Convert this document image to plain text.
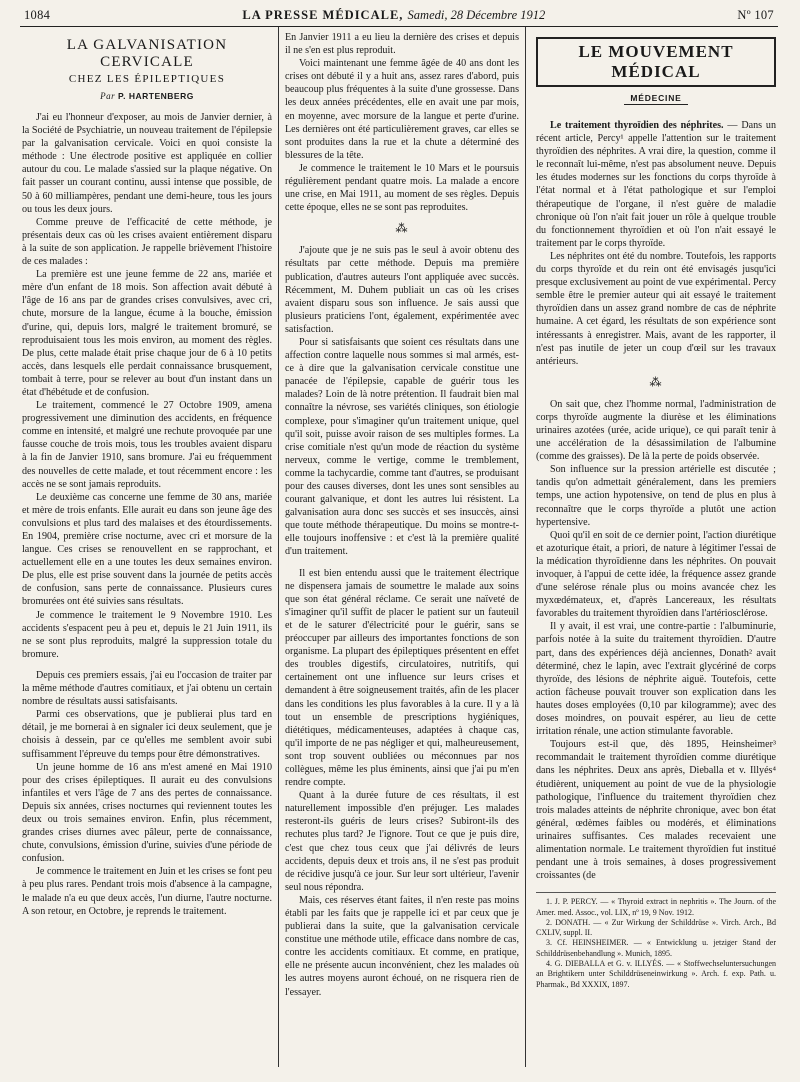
1084	LA PRESSE MÉDICALE, Samedi, 28 Décembre 1912	Nº 107
LA GALVANISATION CERVICALE
CHEZ LES ÉPILEPTIQUES
Par P. HARTENBERG

J'ai eu l'honneur d'exposer, au mois de Janvier dernier, à la Société de Psychiatrie, un nouveau traitement de l'épilepsie par la galvanisation cervicale. Voici en quoi consiste la méthode : Une électrode positive est appliquée en collier autour du cou. Le malade s'assied sur la plaque négative. On fait passer un courant continu, aussi intense que possible, de 50 à 60 milliampères, pendant une demi-heure, tous les jours ou tous les deux jours.

Comme preuve de l'efficacité de cette méthode, je présentais deux cas où les crises avaient entièrement disparu à la suite de son application. Je rappelle brièvement l'histoire de ces malades :

La première est une jeune femme de 22 ans, mariée et mère d'un enfant de 18 mois. Son affection avait débuté à l'âge de 16 ans par de grandes crises convulsives, avec cri, chute, morsure de la langue, écume à la bouche, émission d'urine, qui, depuis lors, malgré le traitement bromuré, se reproduisaient tous les mois environ, au moment des règles. De plus, cette malade était prise chaque jour de 6 à 10 petits accès, dans lesquels elle perdait connaissance brusquement, tombait à terre, pour se relever au bout d'un instant dans un état d'hébétude et de confusion.

Le traitement, commencé le 27 Octobre 1909, amena progressivement une diminution des accidents, en fréquence comme en intensité, et malgré une rechute provoquée par une fausse couche de trois mois, tous les troubles avaient disparu à la fin de Janvier 1910, sans bromure. J'ai eu fréquemment des nouvelles de cette malade, et tout récemment encore : les accès ne se sont jamais reproduits.

Le deuxième cas concerne une femme de 30 ans, mariée et mère de trois enfants. Elle aurait eu dans son jeune âge des convulsions et plus tard des malaises et des étourdissements. En 1904, première crise nocturne, avec cri et morsure de la langue. Ces crises se renouvellent en se rapprochant, et actuellement elle en a une toutes les deux semaines environ. De plus, elle est prise souvent dans la journée de petits accès de confusion, sans perte de connaissance. Plusieurs cures bromurées ont été suivies sans résultats.

Je commence le traitement le 9 Novembre 1910. Les accidents s'espacent peu à peu et, depuis le 21 Juin 1911, ils ne se sont plus reproduits, malgré la suppression totale du bromure.

Depuis ces premiers essais, j'ai eu l'occasion de traiter par la même méthode d'autres comitiaux, et j'ai obtenu un certain nombre de résultats aussi satisfaisants.

Parmi ces observations, que je publierai plus tard en détail, je me bornerai à en signaler ici deux seulement, que je choisis à dessein, par ce qu'elles me semblent avoir subi suffisamment l'épreuve du temps pour être démonstratives.

Un jeune homme de 16 ans m'est amené en Mai 1910 pour des crises épileptiques. Il aurait eu des convulsions infantiles et vers l'âge de 7 ans des pertes de connaissance. Depuis six années, crises nocturnes qui reviennent toutes les deux ou trois semaines environ. Enfin, plus récemment, grandes crises diurnes avec pâleur, perte de connaissance, chute, convulsions, émission d'urine, suivies d'une période de confusion.

Je commence le traitement en Juin et les crises se font peu à peu plus rares. Pendant trois mois d'absence à la campagne, le malade n'a eu que deux accès, l'un diurne, l'autre nocturne. A son retour, en Octobre, je reprends le traitement.

En Janvier 1911 a eu lieu la dernière des crises et depuis il ne s'en est plus reproduit.

Voici maintenant une femme âgée de 40 ans dont les crises ont débuté il y a huit ans, assez rares d'abord, puis beaucoup plus fréquentes à la suite d'une grossesse. Dans les deux années précédentes, elle en avait une par mois, en moyenne, avec morsure de la langue et perte d'urine. Les dernières ont été particulièrement graves, car elles se sont produites dans la rue et la chute a déterminé des blessures de la tête.

Je commence le traitement le 10 Mars et le poursuis régulièrement pendant quatre mois. La malade a encore une crise, en Mai 1911, au moment de ses règles. Depuis cette époque, elles ne se sont pas reproduites.

⁂

J'ajoute que je ne suis pas le seul à avoir obtenu des résultats par cette méthode. Depuis ma première publication, d'autres auteurs l'ont appliquée avec succès. Récemment, M. Duhem publiait un cas où les crises avaient disparu sous son influence. Je sais aussi que plusieurs praticiens l'ont, également, expérimentée avec satisfaction.

Pour si satisfaisants que soient ces résultats dans une affection contre laquelle nous sommes si mal armés, est-ce à dire que la galvanisation cervicale constitue une panacée de l'épilepsie, capable de guérir tous les malades? Loin de là notre prétention. Il faudrait bien mal connaître la névrose, ses variétés cliniques, son étiologie complexe, pour s'imaginer qu'un traitement unique, quel qu'il soit, puisse avoir raison de ses multiples formes. La crise comitiale n'est qu'un mode de réaction du système nerveux, comme le vertige, comme le tremblement, comme la tachycardie, comme tant d'autres, se produisant pour des causes diverses, dont les unes sont sensibles au courant galvanique, et dont les autres lui résistent. La galvanisation aura donc ses succès et ses insuccès, ainsi que toute méthode thérapeutique. Du moins se montre-t-elle toujours inoffensive : et c'est là la première qualité d'un traitement.

Il est bien entendu aussi que le traitement électrique ne dispensera jamais de soumettre le malade aux soins que son état général réclame. Ce serait une naïveté de s'imaginer qu'il suffit de placer le patient sur un fauteuil et de le saturer d'électricité pour le guérir, sans se préoccuper par ailleurs des importantes fonctions de son organisme. La plupart des épileptiques présentent en effet des troubles digestifs, circulatoires, nutritifs, qui certainement ont une influence sur leurs crises et demandent à être soigneusement traités, afin de les placer dans les conditions les plus favorables à la cure. Il y a là tout un ensemble de prescriptions hygiéniques, diététiques, médicamenteuses, adaptées à chaque cas, qu'il importe de ne pas négliger et qui, malheureusement, sont trop souvent oubliées ou méconnues par nos collègues, même les plus éminents, ainsi que j'ai pu m'en rendre compte.

Quant à la durée future de ces résultats, il est naturellement impossible d'en préjuger. Les malades resteront-ils guéris de leurs crises? Subiront-ils des rechutes plus tard? Je l'ignore. Tout ce que je puis dire, c'est que chez tous ceux que j'ai délivrés de leurs accidents, depuis deux et trois ans, il ne s'est pas produit de récidive jusqu'à ce jour. Sur leur sort ultérieur, l'avenir seul nous répondra.

Mais, ces réserves étant faites, il n'en reste pas moins établi par les faits que je rappelle ici et par ceux que je publierai dans la suite, que la galvanisation cervicale constitue une méthode utile, efficace dans nombre de cas, contre les accidents comitiaux. Et comme, en pratique, elle ne présente aucun inconvénient, chez les malades où les autres moyens auront échoué, on ne risquera rien de l'essayer.

LE MOUVEMENT MÉDICAL
MÉDECINE

Le traitement thyroïdien des néphrites. — Dans un récent article, Percy¹ appelle l'attention sur le traitement thyroïdien des néphrites. A vrai dire, la question, comme il le reconnaît lui-même, n'est pas absolument neuve. Depuis les études modernes sur les fonctions du corps thyroïde à l'état normal et à l'état pathologique et sur l'emploi thérapeutique de l'organe, il n'est guère de maladie chronique où l'on n'ait fait jouer un rôle à quelque trouble du fonctionnement thyroïdien et où l'on n'ait essayé le traitement par le corps thyroïde.

Les néphrites ont été du nombre. Toutefois, les rapports du corps thyroïde et du rein ont été envisagés jusqu'ici presque exclusivement au point de vue expérimental. Percy semble être le premier auteur qui ait essayé le traitement thyroïdien dans un assez grand nombre de cas de néphrite humaine. A cet égard, les résultats de son expérience sont intéressants à enregistrer. Mais, avant de les rapporter, il n'est pas inutile de jeter un coup d'œil sur les travaux antérieurs.

⁂

On sait que, chez l'homme normal, l'administration de corps thyroïde augmente la diurèse et les éliminations urinaires azotées (urée, acide urique), ce qui paraît tenir à une accélération de la désassimilation de l'albumine (comme des graisses). De là la perte de poids observée.

Son influence sur la pression artérielle est discutée ; tandis qu'on admettait généralement, dans les premiers temps, une action hypotensive, on tend de plus en plus à reconnaître que le corps thyroïde a plutôt une action hypertensive.

Quoi qu'il en soit de ce dernier point, l'action diurétique et azoturique était, a priori, de nature à légitimer l'essai de la médication thyroïdienne dans les néphrites. On pouvait invoquer, à l'appui de cette idée, la fréquence assez grande d'une selérose rénale plus ou moins avancée chez les myxœdémateux, et, d'après Lancereaux, les résultats favorables du traitement thyroïdien dans l'artériosclérose.

Il y avait, il est vrai, une contre-partie : l'albuminurie, parfois notée à la suite du traitement thyroïdien. D'autre part, dans des expériences déjà anciennes, Donath² avait déterminé, chez le lapin, avec l'extrait glycériné de corps thyroïde, des lésions de néphrite aiguë. Toutefois, cette action fâcheuse pouvait trouver son explication dans les hautes doses employées (0,10 par kilogramme); avec des doses moindres, on pouvait espérer, au lieu de cette irritation rénale, une action stimulante favorable.

Toujours est-il que, dès 1895, Heinsheimer³ recommandait le traitement thyroïdien comme diurétique dans les néphrites. Deux ans après, Dieballa et v. Illyés⁴ étudièrent, uniquement au point de vue de la physiologie pathologique, l'influence du traitement thyroïdien chez trois malades atteints de néphrite chronique, avec bon état général, œdèmes faibles ou modérés, et éliminations urinaires suffisantes. Ces malades recevaient une alimentation normale. Le traitement thyroïdien fut institué pendant une à trois semaines, à doses progressivement croissantes (de

1. J. P. PERCY. — « Thyroid extract in nephritis ». The Journ. of the Amer. med. Assoc., vol. LIX, nº 19, 9 Nov. 1912.

2. DONATH. — « Zur Wirkung der Schilddrüse ». Virch. Arch., Bd CXLIV, suppl. II.

3. Cf. HEINSHEIMER. — « Entwicklung u. jetziger Stand der Schilddrüsenbehandlung ». Munich, 1895.

4. G. DIEBALLA et G. v. ILLYÉS. — « Stoffwechseluntersuchungen an Brightikern unter Schilddrüseneinwirkung ». Arch. f. exp. Path. u. Pharmak., Bd XXXIX, 1897.
